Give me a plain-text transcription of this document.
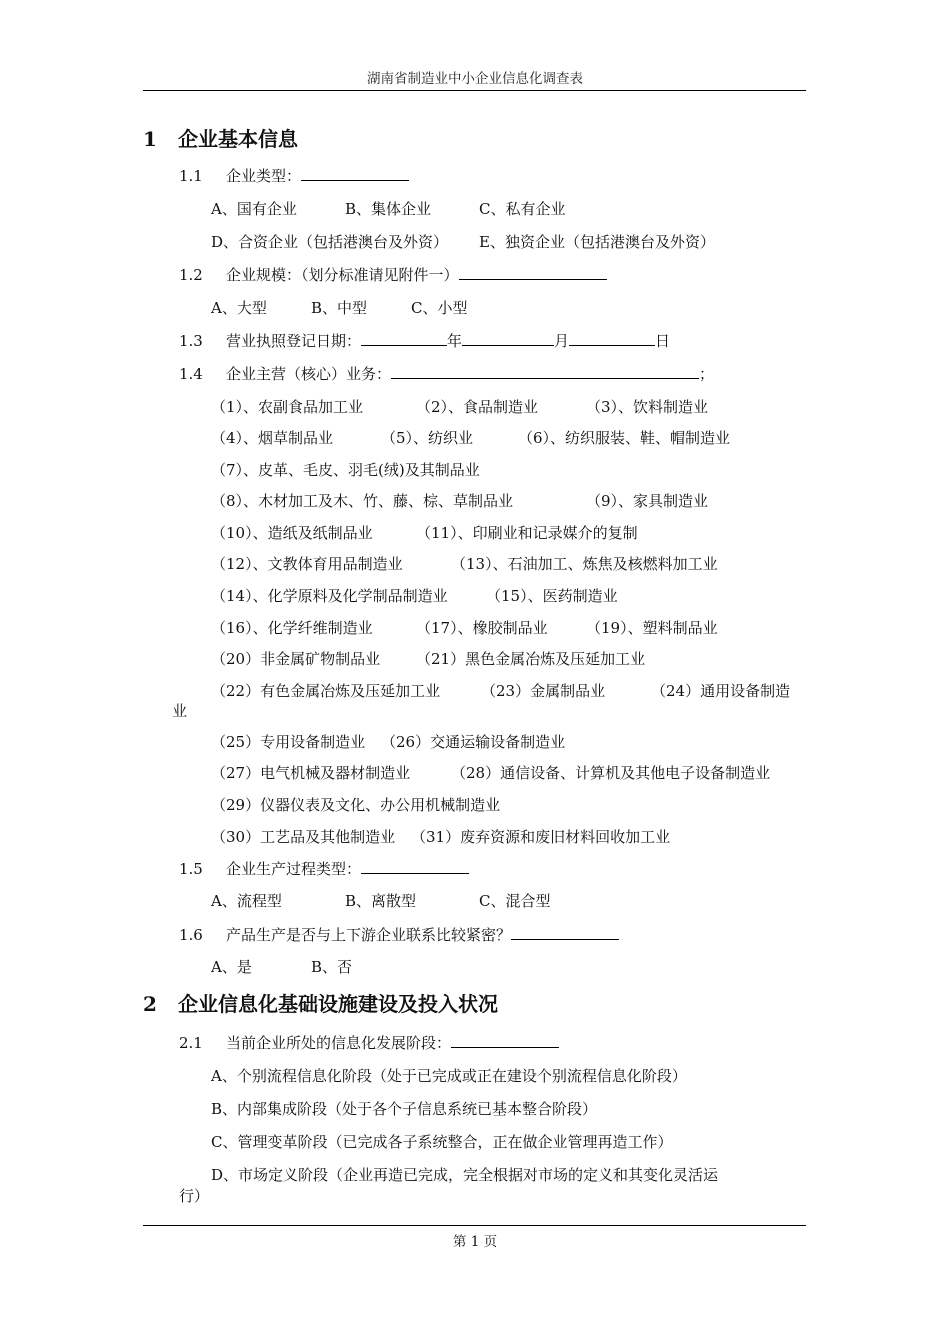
湖南省制造业中小企业信息化调查表
1 企业基本信息
1.1 企业类型：
A、国有企业	B、集体企业	C、私有企业
D、合资企业（包括港澳台及外资） E、独资企业（包括港澳台及外资）
1.2 企业规模：（划分标准请见附件一）
A、大型	B、中型	C、小型
1.3 营业执照登记日期：	年	月	日
1.4 企业主营（核心）业务：	；
（1）、农副食品加工业	（2）、食品制造业	（3）、饮料制造业
（4）、烟草制品业	（5）、纺织业	（6）、纺织服装、鞋、帽制造业
（7）、皮革、毛皮、羽毛(绒)及其制品业
（8）、木材加工及木、竹、藤、棕、草制品业	（9）、家具制造业
（10）、造纸及纸制品业	（11）、印刷业和记录媒介的复制
（12）、文教体育用品制造业	（13）、石油加工、炼焦及核燃料加工业
（14）、化学原料及化学制品制造业	（15）、医药制造业
（16）、化学纤维制造业	（17）、橡胶制品业	（19）、塑料制品业
（20）非金属矿物制品业 （21）黑色金属冶炼及压延加工业
（22）有色金属冶炼及压延加工业	（23）金属制品业	（24）通用设备制造
业
（25）专用设备制造业 （26）交通运输设备制造业
（27）电气机械及器材制造业	（28）通信设备、计算机及其他电子设备制造业
（29）仪器仪表及文化、办公用机械制造业
（30）工艺品及其他制造业 （31）废弃资源和废旧材料回收加工业
1.5 企业生产过程类型：
A、流程型	B、离散型	C、混合型
1.6 产品生产是否与上下游企业联系比较紧密？
A、是	B、否
2 企业信息化基础设施建设及投入状况
2.1 当前企业所处的信息化发展阶段：
A、个别流程信息化阶段（处于已完成或正在建设个别流程信息化阶段）
B、内部集成阶段（处于各个子信息系统已基本整合阶段）
C、管理变革阶段（已完成各子系统整合，正在做企业管理再造工作）
D、市场定义阶段（企业再造已完成，完全根据对市场的定义和其变化灵活运
行）
第 1 页
